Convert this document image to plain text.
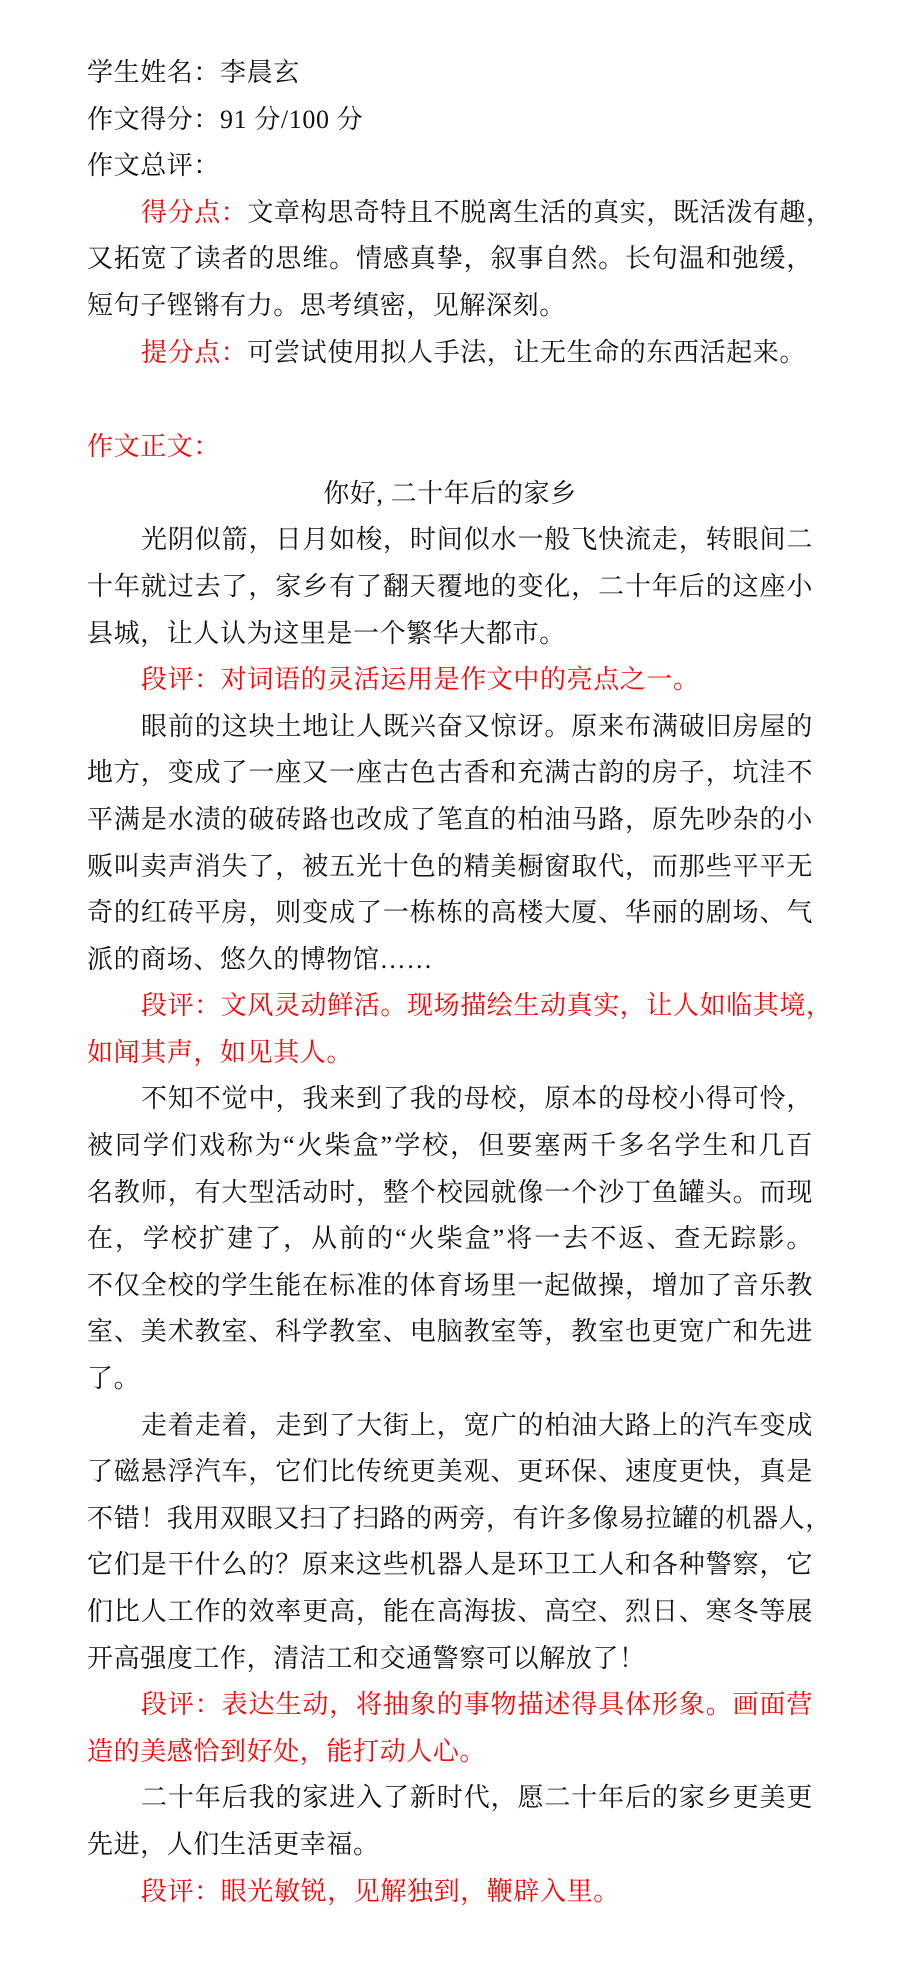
学生姓名：李晨玄
作文得分：91 分/100 分
作文总评：
得分点：文章构思奇特且不脱离生活的真实，既活泼有趣，
又拓宽了读者的思维。情感真挚，叙事自然。长句温和弛缓，
短句子铿锵有力。思考缜密，见解深刻。
提分点：可尝试使用拟人手法，让无生命的东西活起来。
作文正文：
你好, 二十年后的家乡
光阴似箭，日月如梭，时间似水一般飞快流走，转眼间二
十年就过去了，家乡有了翻天覆地的变化，二十年后的这座小
县城，让人认为这里是一个繁华大都市。
段评：对词语的灵活运用是作文中的亮点之一。
眼前的这块土地让人既兴奋又惊讶。原来布满破旧房屋的
地方，变成了一座又一座古色古香和充满古韵的房子，坑洼不
平满是水渍的破砖路也改成了笔直的柏油马路，原先吵杂的小
贩叫卖声消失了，被五光十色的精美橱窗取代，而那些平平无
奇的红砖平房，则变成了一栋栋的高楼大厦、华丽的剧场、气
派的商场、悠久的博物馆……
段评：文风灵动鲜活。现场描绘生动真实，让人如临其境，
如闻其声，如见其人。
不知不觉中，我来到了我的母校，原本的母校小得可怜，
被同学们戏称为“火柴盒”学校，但要塞两千多名学生和几百
名教师，有大型活动时，整个校园就像一个沙丁鱼罐头。而现
在，学校扩建了，从前的“火柴盒”将一去不返、查无踪影。
不仅全校的学生能在标准的体育场里一起做操，增加了音乐教
室、美术教室、科学教室、电脑教室等，教室也更宽广和先进
了。
走着走着，走到了大街上，宽广的柏油大路上的汽车变成
了磁悬浮汽车，它们比传统更美观、更环保、速度更快，真是
不错！我用双眼又扫了扫路的两旁，有许多像易拉罐的机器人，
它们是干什么的？原来这些机器人是环卫工人和各种警察，它
们比人工作的效率更高，能在高海拔、高空、烈日、寒冬等展
开高强度工作，清洁工和交通警察可以解放了！
段评：表达生动，将抽象的事物描述得具体形象。画面营
造的美感恰到好处，能打动人心。
二十年后我的家进入了新时代，愿二十年后的家乡更美更
先进，人们生活更幸福。
段评：眼光敏锐，见解独到，鞭辟入里。
